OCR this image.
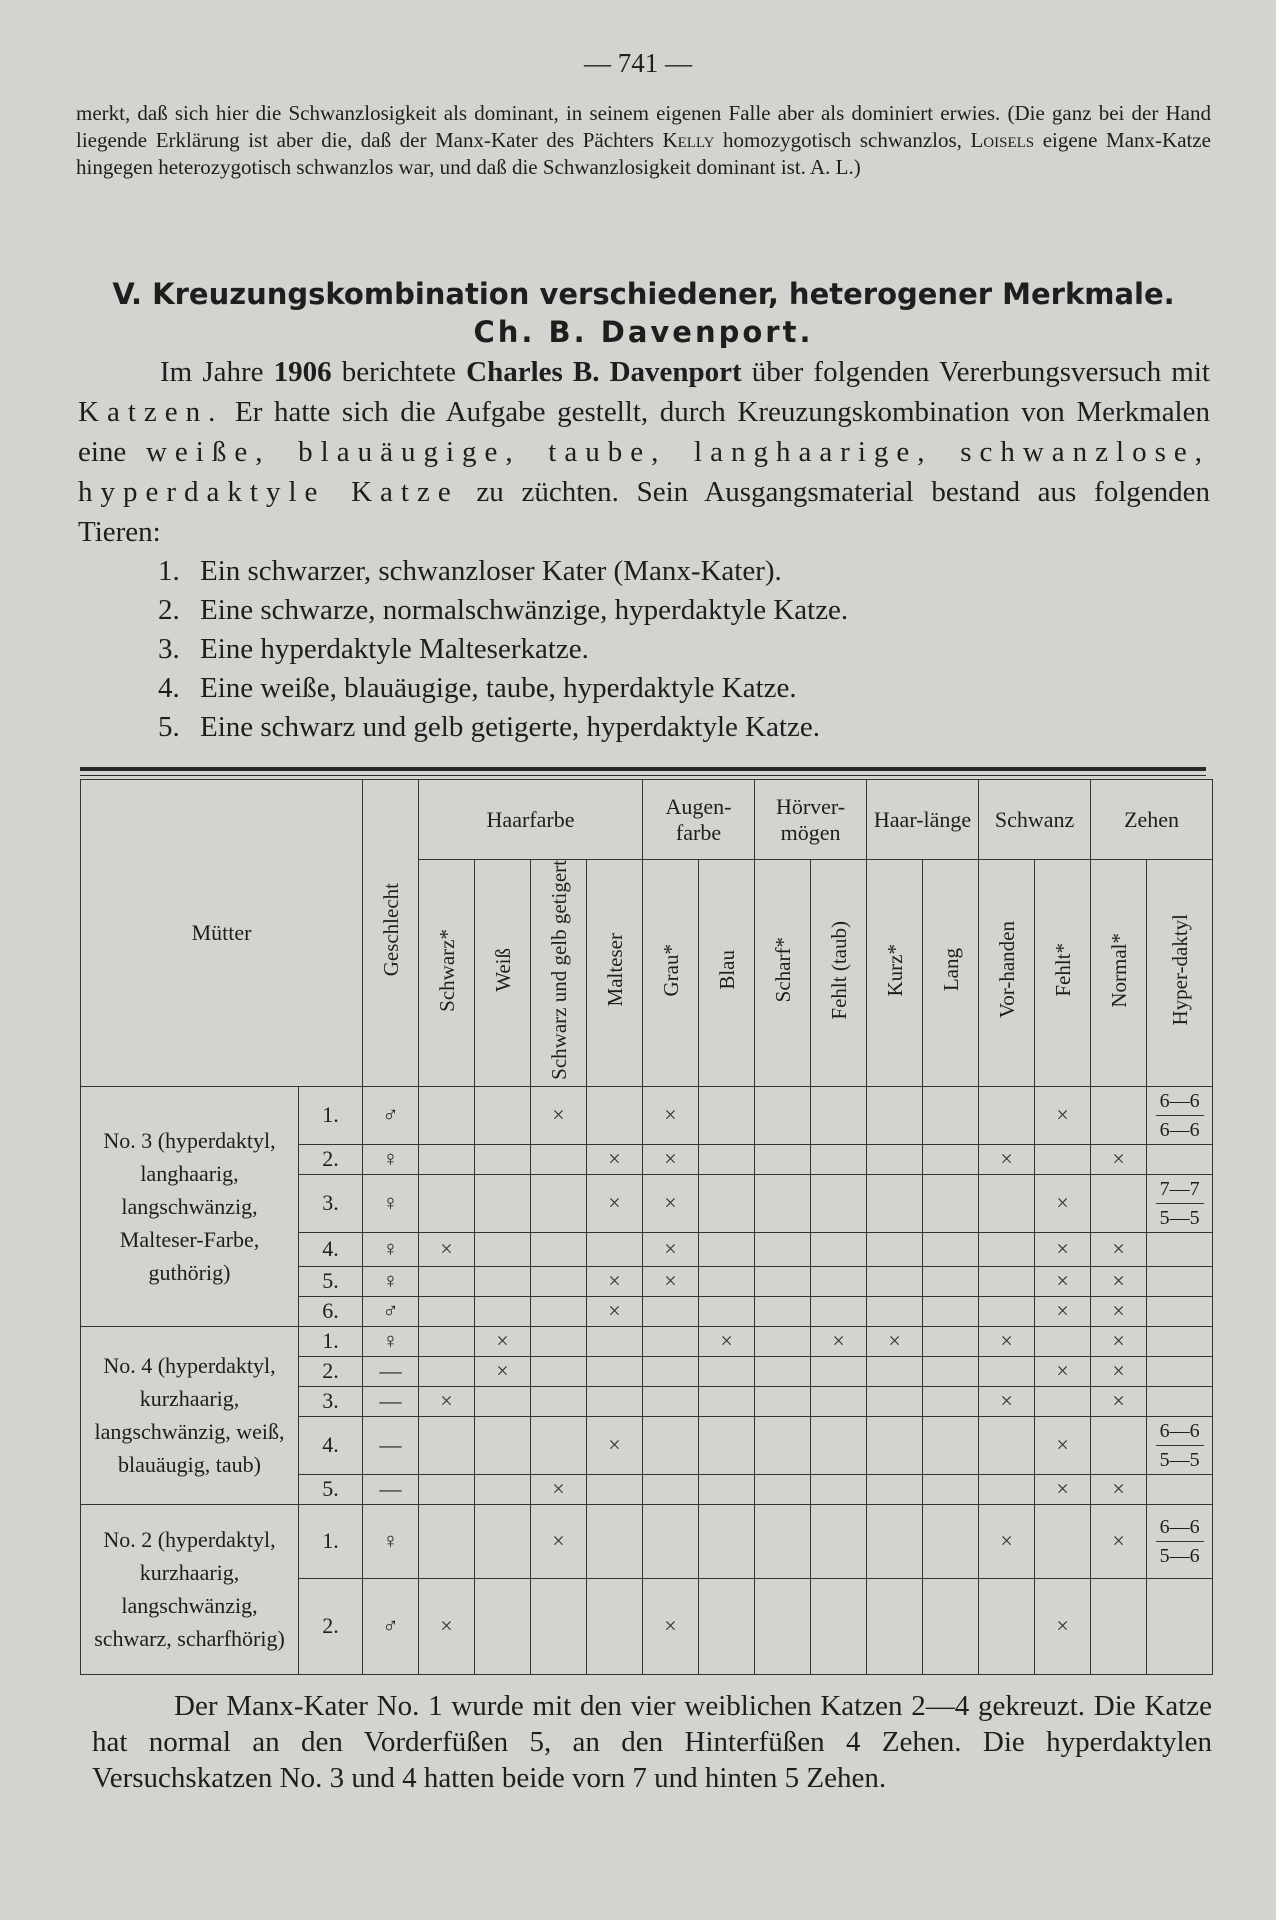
— 741 —
merkt, daß sich hier die Schwanzlosigkeit als dominant, in seinem eigenen Falle aber als dominiert erwies. (Die ganz bei der Hand liegende Erklärung ist aber die, daß der Manx-Kater des Pächters Kelly homozygotisch schwanzlos, Loisels eigene Manx-Katze hingegen heterozygotisch schwanzlos war, und daß die Schwanzlosigkeit dominant ist. A. L.)
V. Kreuzungskombination verschiedener, heterogener Merkmale.
Ch. B. Davenport.

Im Jahre 1906 berichtete Charles B. Davenport über folgenden Vererbungsversuch mit Katzen. Er hatte sich die Aufgabe gestellt, durch Kreuzungskombination von Merkmalen eine weiße, blauäugige, taube, langhaarige, schwanzlose, hyperdaktyle Katze zu züchten. Sein Ausgangsmaterial bestand aus folgenden Tieren:

1. Ein schwarzer, schwanzloser Kater (Manx-Kater).
2. Eine schwarze, normalschwänzige, hyperdaktyle Katze.
3. Eine hyperdaktyle Malteserkatze.
4. Eine weiße, blauäugige, taube, hyperdaktyle Katze.
5. Eine schwarz und gelb getigerte, hyperdaktyle Katze.
Mütter		Geschlecht	Haarfarbe				Augen-farbe		Hörver-mögen		Haar-länge		Schwanz		Zehen	
			Schwarz*	Weiß	Schwarz und gelb getigert	Malteser	Grau*	Blau	Scharf*	Fehlt (taub)	Kurz*	Lang	Vor-handen	Fehlt*	Normal*	Hyper-daktyl
No. 3 (hyperdaktyl, langhaarig, langschwänzig, Malteser-Farbe, guthörig)	1.	♂			×		×							×		6—6
6—6
	2.	♀				×	×						×		×	
	3.	♀				×	×							×		7—7
5—5
	4.	♀	×				×							×	×	
	5.	♀				×	×							×	×	
	6.	♂				×								×	×	
No. 4 (hyperdaktyl, kurzhaarig, langschwänzig, weiß, blauäugig, taub)	1.	♀		×				×		×	×		×		×	
	2.	—		×										×	×	
	3.	—	×										×		×	
	4.	—				×								×		6—6
5—5
	5.	—			×									×	×	
No. 2 (hyperdaktyl, kurzhaarig, langschwänzig, schwarz, scharfhörig)	1.	♀			×								×		×	6—6
5—6
	2.	♂	×				×							×		

Der Manx-Kater No. 1 wurde mit den vier weiblichen Katzen 2—4 gekreuzt. Die Katze hat normal an den Vorderfüßen 5, an den Hinterfüßen 4 Zehen. Die hyperdaktylen Versuchskatzen No. 3 und 4 hatten beide vorn 7 und hinten 5 Zehen.
